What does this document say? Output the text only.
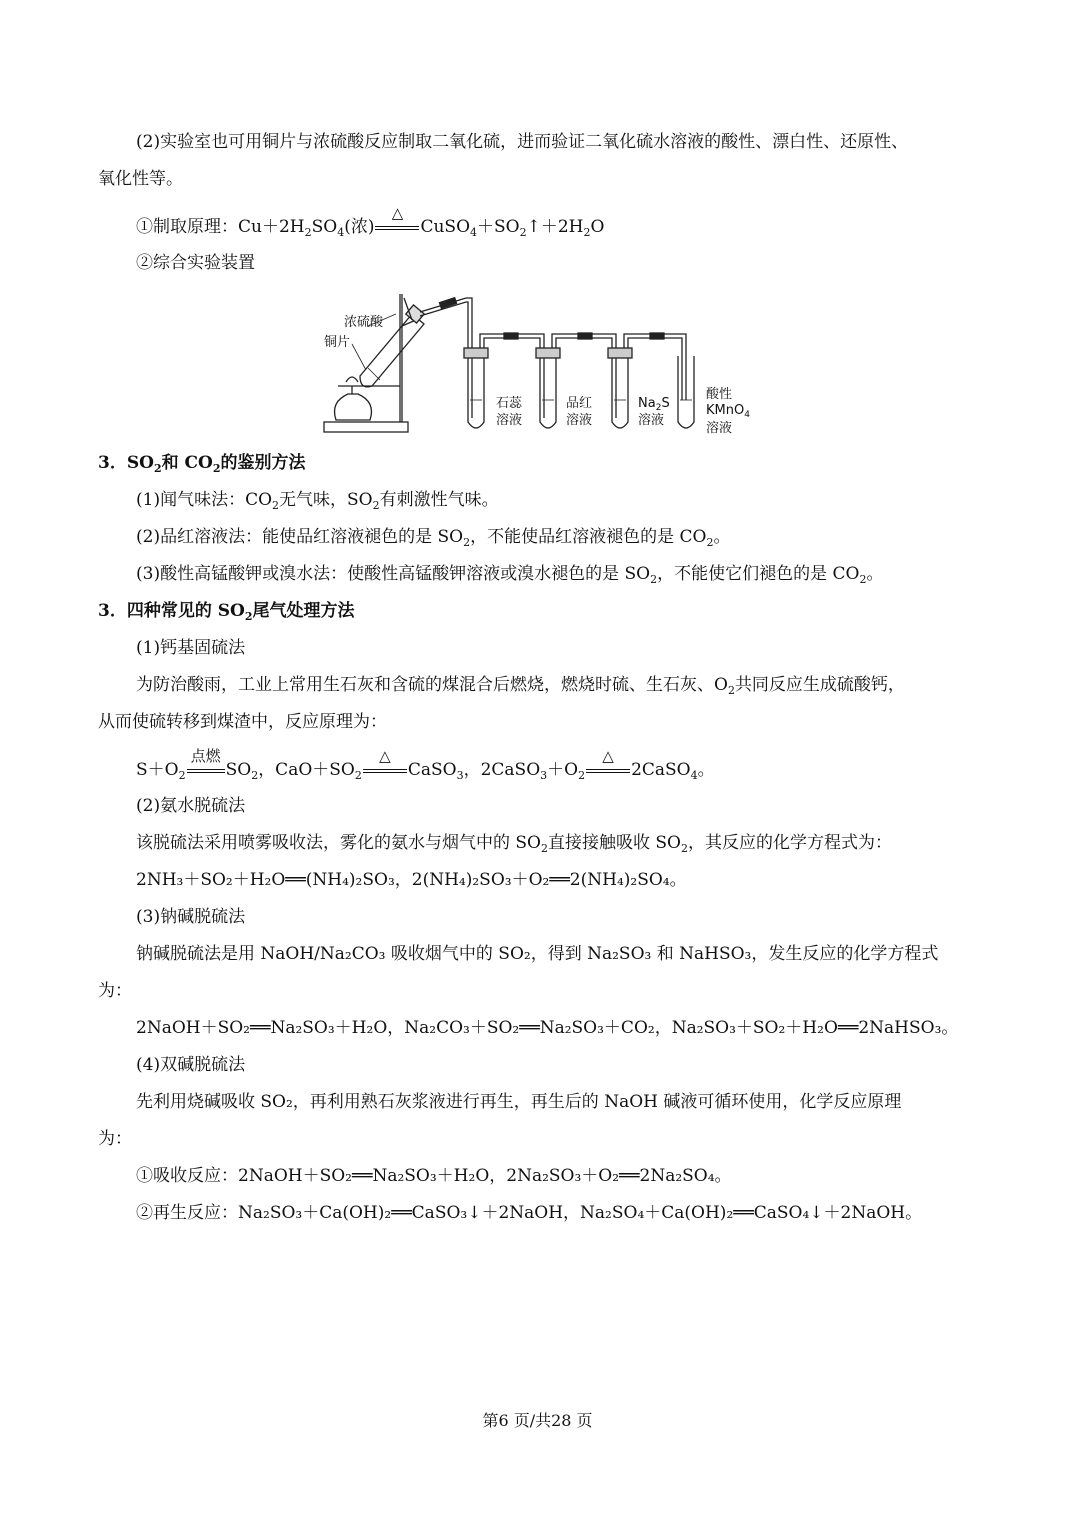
(2)实验室也可用铜片与浓硫酸反应制取二氧化硫，进而验证二氧化硫水溶液的酸性、漂白性、还原性、
氧化性等。
①制取原理：$Cu+2H_2SO_4$(浓)
△
$CuSO_4+SO_2↑+2H_2O$
②综合实验装置
浓硫酸
铜片
石蕊
溶液
品红
溶液
$Na_2S$
溶液
酸性
KMnO$_4$
溶液
3．$SO_2$和 $CO_2$的鉴别方法
(1)闻气味法：$CO_2$无气味，$SO_2$有刺激性气味。
(2)品红溶液法：能使品红溶液褪色的是 $SO_2$，不能使品红溶液褪色的是 $CO_2$。
(3)酸性高锰酸钾或溴水法：使酸性高锰酸钾溶液或溴水褪色的是 $SO_2$，不能使它们褪色的是 $CO_2$。
3．四种常见的 $SO_2$尾气处理方法
(1)钙基固硫法
为防治酸雨，工业上常用生石灰和含硫的煤混合后燃烧，燃烧时硫、生石灰、$O_2$共同反应生成硫酸钙，
从而使硫转移到煤渣中，反应原理为：
$S+O_2$
点燃
$SO_2$，$CaO+SO_2$
△
CaSO$_3$，$2CaSO_3+O_2$
△
2CaSO$_4$。
(2)氨水脱硫法
该脱硫法采用喷雾吸收法，雾化的氨水与烟气中的 $SO_2$直接接触吸收 $SO_2$，其反应的化学方程式为：
2NH₃＋SO₂＋H₂O══(NH₄)₂SO₃，2(NH₄)₂SO₃＋O₂══2(NH₄)₂SO₄。
(3)钠碱脱硫法
钠碱脱硫法是用 NaOH/Na₂CO₃ 吸收烟气中的 SO₂，得到 Na₂SO₃ 和 NaHSO₃，发生反应的化学方程式
为：
2NaOH＋SO₂══Na₂SO₃＋H₂O，Na₂CO₃＋SO₂══Na₂SO₃＋CO₂，Na₂SO₃＋SO₂＋H₂O══2NaHSO₃。
(4)双碱脱硫法
先利用烧碱吸收 SO₂，再利用熟石灰浆液进行再生，再生后的 NaOH 碱液可循环使用，化学反应原理
为：
①吸收反应：2NaOH＋SO₂══Na₂SO₃＋H₂O，2Na₂SO₃＋O₂══2Na₂SO₄。
②再生反应：Na₂SO₃＋Ca(OH)₂══CaSO₃↓＋2NaOH，Na₂SO₄＋Ca(OH)₂══CaSO₄↓＋2NaOH。
第6 页/共28 页
